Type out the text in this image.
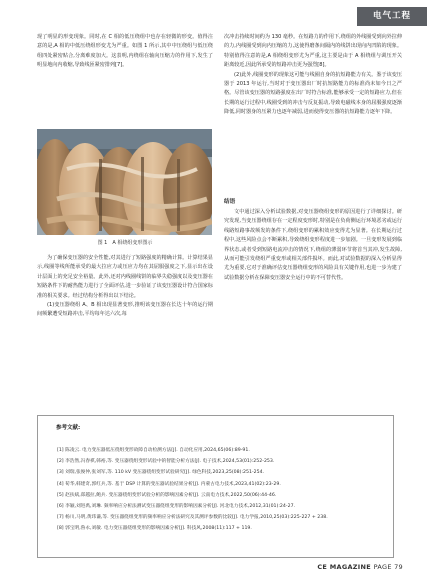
电气工程

现了明显的形变现象。同时,在 C 相的低压绕组中也存在轻微的形变。值得注意的是,A 相的中低压绕组形变尤为严重。如图 1 所示,其中中压绕组与低压绕组四处紧密贴合,分离难度加大。这表明,内绕组在轴向压缩力的作用下,发生了明显地向内收缩,导致线匝紧密排列[7]。

图 1　A 相绕组变形图示

为了确保变压器的安全性能,对其进行了短路强度的精确计算。计算结果显示,线圈等线所能承受的最大拉应力或压应力均在其屈服强度之下,显示出在设计层面上的充足安全裕量。此外,还对内线圈线饼的临界失稳强度以及变压器在短路条件下的耐热能力进行了全面评估,进一步验证了该变压器设计符合国家标准的相关要求。经过结构分析得出以下结论。

(1)变压器绕组 A、B 相出现显著变形,推明该变压器在长达十年的运行期间频繁遭受短路冲击,平均每年达六次,每

次冲击持续时间约为 130 毫秒。在短路力的作用下,绕组的外线圈受到向外拉伸的力,内线圈受到向内压缩的力,这使得磨条间隔内的线饼出现向内凹陷的现象。特别值得注意的是,A 相绕组变形尤为严重,这主要是由于 A 相绕组与调压开关距离较近,因此所承受的短路冲击更为强烈[8]。

(2)此外,线圈变形的现象这可能与线圈自身的抗短路能力有关。鉴于该变压器于 2013 年运行,当时对于变压器出厂时抗短路能力的标准尚未如今日之严格。尽管该变压器的短路强度在出厂时符合标准,能够承受一定的短路应力,但在长期的运行过程中,线圈受到的冲击与反复振动,导致电磁线本身的屈服强度逐渐降低,同时器身的压紧力也逐年减弱,进而使得变压器的抗短路能力逐年下降。

结语

文中通过深入分析试验数据,对变压器绕组变形的原因进行了详细探讨。研究发现,当变压器绕组存在一定程度变形时,特别是在负荷侧运行环境恶劣或运行线路短路事故频发的条件下,绕组变形的累积效应变得尤为显著。在长期运行过程中,这些风险点会不断累积,导致绕组变形程度进一步加剧。一旦变形发展到临界状态,或者受到短路电流冲击的情况下,绕组的薄弱环节将首当其冲,发生故障,从而可能引发绕组严重变形或相关部件损坏。而此,对试验数据的深入分析显得尤为重要,它对于准确评估变压器绕组变形的风险具有关键作用,也进一步为建了试验数据分析在保障变压器安全运行中的不可替代性。

参考文献:

[1] 陈凌云. 电力变压器低压绕组变形故障自动检测方法[J]. 自动化应用,2024,65(06):89-91.

[2] 李浩然,冯春祺,韩裕,等. 变压器绕组变形试验中的智能分析方法[J]. 电子技术,2024,53(01):252-253.

[3] 刘瑞,张俊仲,张刘军,等. 110 kV 变压器绕组变形试验研究[J]. 绿色科技,2023,25(08):251-254.

[4] 荀华,韩建奇,郭红兵,等. 基于 DSP 计算的变压器试验结果分析[J]. 内蒙古电力技术,2023,41(02):23-29.

[5] 赵扶斌,郑越拉,鲍兵. 变压器绕组变形试验分析的影响因素分析[J]. 云南电力技术,2022,50(06):44-46.

[6] 李颖,刘进禹,刘琳. 频率响应分析法测试变压器绕组变形的影响因素分析[J]. 河北电力技术,2012,31(01):24-27.

[7] 杨川,马明,黄玮谦,等. 变压器绕组变形的频率响应分析法研究及其测评参数的比较[J]. 电力学报,2010,25(03):225-227 + 238.

[8] 郭宝明,鲁永,刘敏. 电力变压器绕组变形的影响因素分析[J]. 科技风,2008(11):117 + 119.

CE MAGAZINE PAGE 79
